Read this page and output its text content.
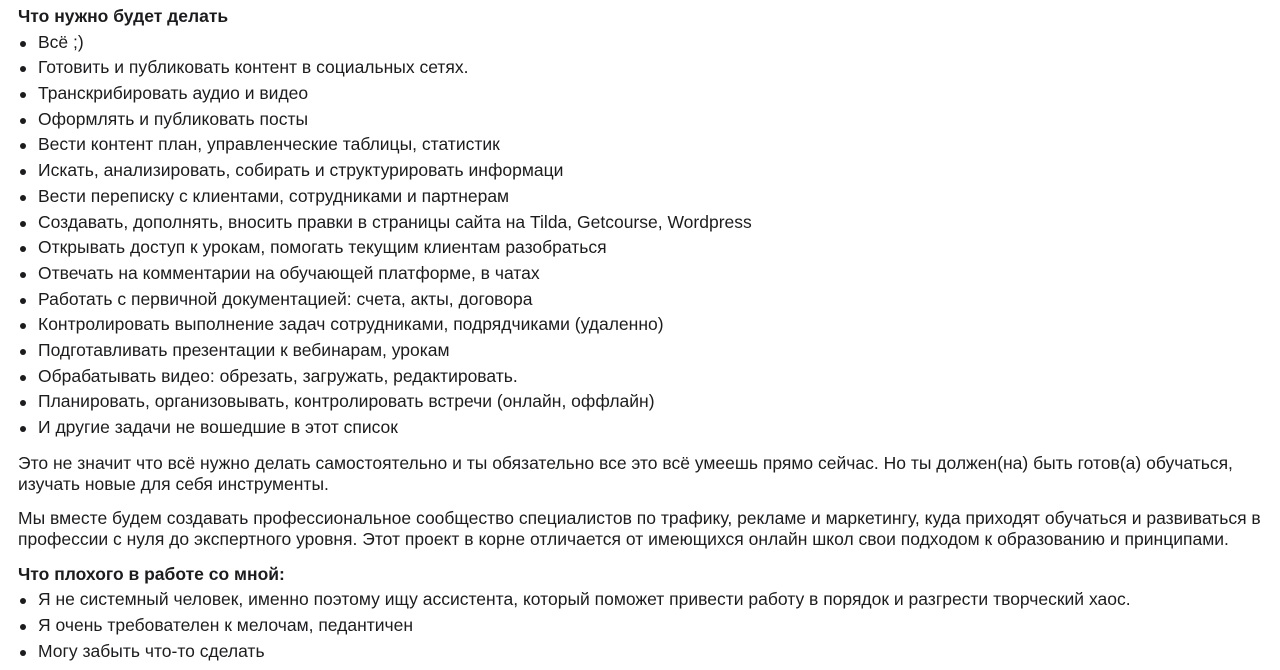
Что нужно будет делать

Всё ;)
Готовить и публиковать контент в социальных сетях.
Транскрибировать аудио и видео
Оформлять и публиковать посты
Вести контент план, управленческие таблицы, статистик
Искать, анализировать, собирать и структурировать информаци
Вести переписку с клиентами, сотрудниками и партнерам
Создавать, дополнять, вносить правки в страницы сайта на Tilda, Getcourse, Wordpress
Открывать доступ к урокам, помогать текущим клиентам разобраться
Отвечать на комментарии на обучающей платформе, в чатах
Работать с первичной документацией: счета, акты, договора
Контролировать выполнение задач сотрудниками, подрядчиками (удаленно)
Подготавливать презентации к вебинарам, урокам
Обрабатывать видео: обрезать, загружать, редактировать.
Планировать, организовывать, контролировать встречи (онлайн, оффлайн)
И другие задачи не вошедшие в этот список

Это не значит что всё нужно делать самостоятельно и ты обязательно все это всё умеешь прямо сейчас. Но ты должен(на) быть готов(а) обучаться, изучать новые для себя инструменты.

Мы вместе будем создавать профессиональное сообщество специалистов по трафику, рекламе и маркетингу, куда приходят обучаться и развиваться в профессии с нуля до экспертного уровня. Этот проект в корне отличается от имеющихся онлайн школ свои подходом к образованию и принципами.

Что плохого в работе со мной:

Я не системный человек, именно поэтому ищу ассистента, который поможет привести работу в порядок и разгрести творческий хаос.
Я очень требователен к мелочам, педантичен
Могу забыть что-то сделать
